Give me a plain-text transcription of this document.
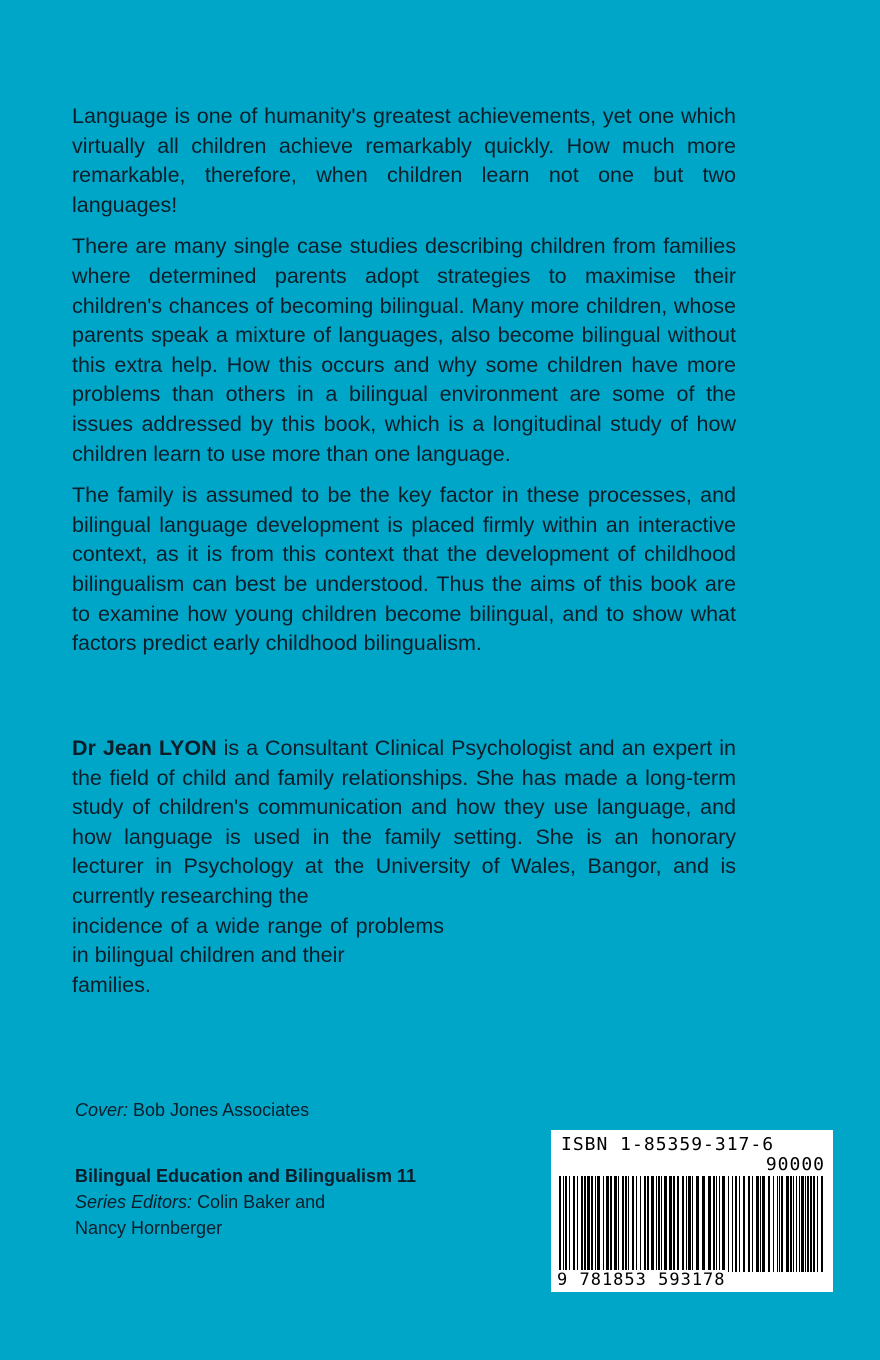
Language is one of humanity's greatest achievements, yet one which virtually all children achieve remarkably quickly. How much more remarkable, therefore, when children learn not one but two languages!

There are many single case studies describing children from families where determined parents adopt strategies to maximise their children's chances of becoming bilingual. Many more children, whose parents speak a mixture of languages, also become bilingual without this extra help. How this occurs and why some children have more problems than others in a bilingual environment are some of the issues addressed by this book, which is a longitudinal study of how children learn to use more than one language.

The family is assumed to be the key factor in these processes, and bilingual language development is placed firmly within an interactive context, as it is from this context that the development of childhood bilingualism can best be understood. Thus the aims of this book are to examine how young children become bilingual, and to show what factors predict early childhood bilingualism.

Dr Jean LYON is a Consultant Clinical Psychologist and an expert in the field of child and family relationships. She has made a long-term study of children's communication and how they use language, and how language is used in the family setting. She is an honorary lecturer in Psychology at the University of Wales, Bangor, and is currently researching the
incidence of a wide range of problems in bilingual children and their
families.
Cover: Bob Jones Associates
Bilingual Education and Bilingualism 11
Series Editors: Colin Baker and
Nancy Hornberger
ISBN 1-85359-317-6
90000
9 781853 593178
